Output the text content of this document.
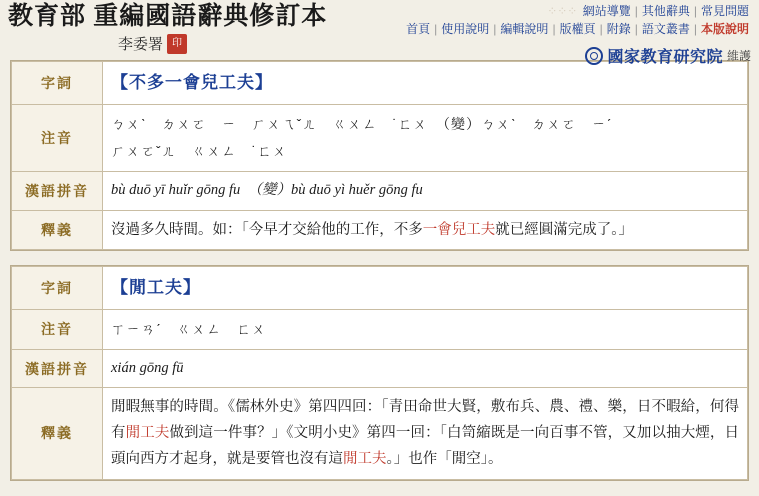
教育部 重編國語辭典修訂本
李委署 印
⁘⁘⁘ 網站導覽 | 其他辭典 | 常見問題
首頁 | 使用說明 | 編輯說明 | 版權頁 | 附錄 | 語文叢書 | 本版說明
國家教育研究院 維護
字詞	【不多一會兒工夫】
注音	ㄅㄨˋ　ㄉㄨㄛ　ㄧ　ㄏㄨㄟˇㄦ　ㄍㄨㄥ　˙ㄈㄨ　（變）ㄅㄨˋ　ㄉㄨㄛ　ㄧˊ
ㄏㄨㄛˇㄦ　ㄍㄨㄥ　˙ㄈㄨ

漢語拼音	bù duō yī huǐr gōng fu　（變）bù duō yì huěr gōng fu
釋義	沒過多久時間。如：「今早才交給他的工作，不多一會兒工夫就已經圓滿完成了。」
字詞	【閒工夫】
注音	ㄒㄧㄢˊ　ㄍㄨㄥ　ㄈㄨ

漢語拼音	xián gōng fū
釋義	閒暇無事的時間。《儒林外史》第四四回：「青田命世大賢，敷布兵、農、禮、樂，日不暇給，何得有閒工夫做到這一件事？」《文明小史》第四一回：「白笥縮既是一向百事不管，又加以抽大煙，日頭向西方才起身，就是要管也沒有這閒工夫。」也作「閒空」。
